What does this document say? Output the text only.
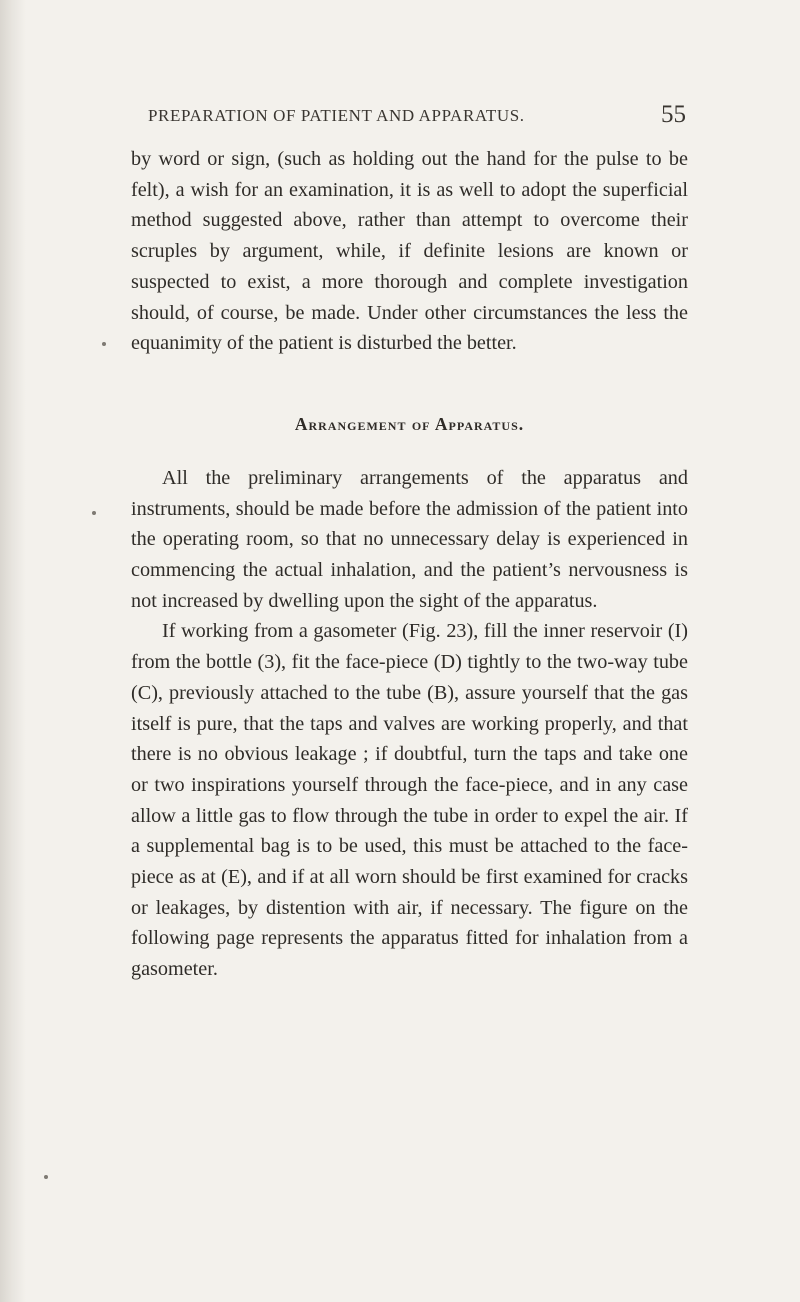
PREPARATION OF PATIENT AND APPARATUS.	55

by word or sign, (such as holding out the hand for the pulse to be felt), a wish for an examination, it is as well to adopt the superficial method suggested above, rather than attempt to overcome their scruples by argument, while, if definite lesions are known or suspected to exist, a more thorough and complete investigation should, of course, be made. Under other circumstances the less the equanimity of the patient is disturbed the better.

Arrangement of Apparatus.

All the preliminary arrangements of the apparatus and instruments, should be made before the admission of the patient into the operating room, so that no unnecessary delay is experienced in commencing the actual inhalation, and the patient’s nervousness is not increased by dwelling upon the sight of the apparatus.

If working from a gasometer (Fig. 23), fill the inner reservoir (I) from the bottle (3), fit the face-piece (D) tightly to the two-way tube (C), previously attached to the tube (B), assure yourself that the gas itself is pure, that the taps and valves are working properly, and that there is no obvious leakage ; if doubtful, turn the taps and take one or two inspirations yourself through the face-piece, and in any case allow a little gas to flow through the tube in order to expel the air. If a supplemental bag is to be used, this must be attached to the face-piece as at (E), and if at all worn should be first examined for cracks or leakages, by distention with air, if necessary. The figure on the following page represents the apparatus fitted for inhalation from a gasometer.
